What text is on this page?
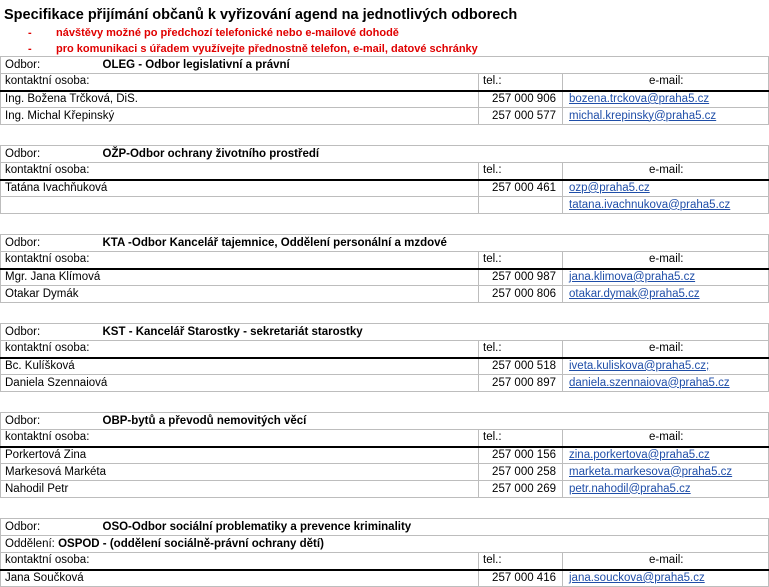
Specifikace přijímání občanů k vyřizování agend na jednotlivých odborech
- návštěvy možné po předchozí telefonické nebo e-mailové dohodě
- pro komunikaci s úřadem využívejte přednostně telefon, e-mail, datové schránky
Odbor:	OLEG - Odbor legislativní a právní		
kontaktní osoba:		tel.:	e-mail:
Ing. Božena Trčková, DiS.		257 000 906	bozena.trckova@praha5.cz
Ing. Michal Křepinský		257 000 577	michal.krepinsky@praha5.cz

Odbor:	OŽP-Odbor ochrany životního prostředí		
kontaktní osoba:		tel.:	e-mail:
Tatána Ivachňuková		257 000 461	ozp@praha5.cz
			tatana.ivachnukova@praha5.cz

Odbor:	KTA -Odbor Kancelář tajemnice, Oddělení personální a mzdové		
kontaktní osoba:		tel.:	e-mail:
Mgr. Jana Klímová		257 000 987	jana.klimova@praha5.cz
Otakar Dymák		257 000 806	otakar.dymak@praha5.cz

Odbor:	KST - Kancelář Starostky - sekretariát starostky		
kontaktní osoba:		tel.:	e-mail:
Bc. Kulíšková		257 000 518	iveta.kuliskova@praha5.cz;
Daniela Szennaiová		257 000 897	daniela.szennaiova@praha5.cz

Odbor:	OBP-bytů a převodů nemovitých věcí		
kontaktní osoba:		tel.:	e-mail:
Porkertová Zina		257 000 156	zina.porkertova@praha5.cz
Markesová Markéta		257 000 258	marketa.markesova@praha5.cz
Nahodil Petr		257 000 269	petr.nahodil@praha5.cz

Odbor:	OSO-Odbor sociální problematiky a prevence kriminality		
Oddělení: OSPOD - (oddělení sociálně-právní ochrany dětí)			
kontaktní osoba:		tel.:	e-mail:
Jana Součková		257 000 416	jana.souckova@praha5.cz
